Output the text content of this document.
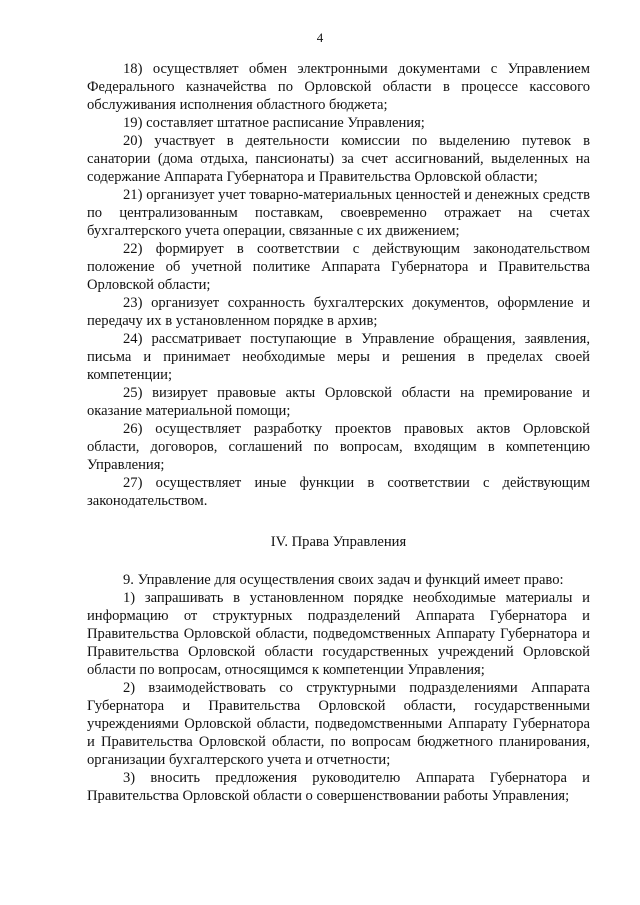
4

18) осуществляет обмен электронными документами с Управлением Федерального казначейства по Орловской области в процессе кассового обслуживания исполнения областного бюджета;

19) составляет штатное расписание Управления;

20) участвует в деятельности комиссии по выделению путевок в санатории (дома отдыха, пансионаты) за счет ассигнований, выделенных на содержание Аппарата Губернатора и Правительства Орловской области;

21) организует учет товарно-материальных ценностей и денежных средств по централизованным поставкам, своевременно отражает на счетах бухгалтерского учета операции, связанные с их движением;

22) формирует в соответствии с действующим законодательством положение об учетной политике Аппарата Губернатора и Правительства Орловской области;

23) организует сохранность бухгалтерских документов, оформление и передачу их в установленном порядке в архив;

24) рассматривает поступающие в Управление обращения, заявления, письма и принимает необходимые меры и решения в пределах своей компетенции;

25) визирует правовые акты Орловской области на премирование и оказание материальной помощи;

26) осуществляет разработку проектов правовых актов Орловской области, договоров, соглашений по вопросам, входящим в компетенцию Управления;

27) осуществляет иные функции в соответствии с действующим законодательством.

IV. Права Управления

9. Управление для осуществления своих задач и функций имеет право:

1) запрашивать в установленном порядке необходимые материалы и информацию от структурных подразделений Аппарата Губернатора и Правительства Орловской области, подведомственных Аппарату Губернатора и Правительства Орловской области государственных учреждений Орловской области по вопросам, относящимся к компетенции Управления;

2) взаимодействовать со структурными подразделениями Аппарата Губернатора и Правительства Орловской области, государственными учреждениями Орловской области, подведомственными Аппарату Губернатора и Правительства Орловской области, по вопросам бюджетного планирования, организации бухгалтерского учета и отчетности;

3) вносить предложения руководителю Аппарата Губернатора и Правительства Орловской области о совершенствовании работы Управления;
